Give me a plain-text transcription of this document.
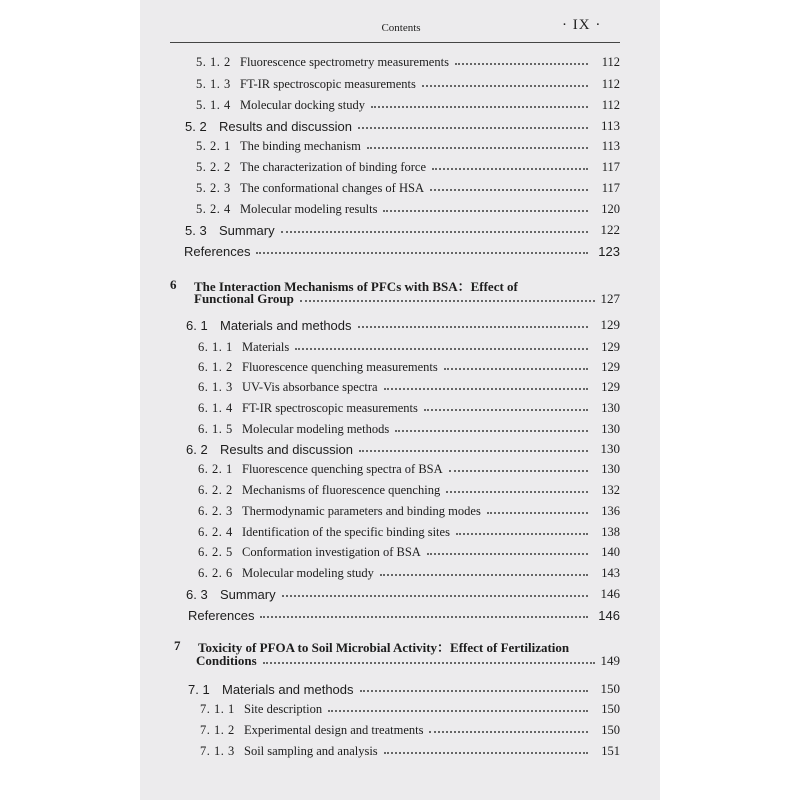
Contents	· IX ·
5. 1. 2 Fluorescence spectrometry measurements	112
5. 1. 3 FT-IR spectroscopic measurements	112
5. 1. 4 Molecular docking study	112
5. 2 Results and discussion	113
5. 2. 1 The binding mechanism	113
5. 2. 2 The characterization of binding force	117
5. 2. 3 The conformational changes of HSA	117
5. 2. 4 Molecular modeling results	120
5. 3 Summary	122
References	123
6	The Interaction Mechanisms of PFCs with BSA：Effect of
Functional Group	127
6. 1 Materials and methods	129
6. 1. 1 Materials	129
6. 1. 2 Fluorescence quenching measurements	129
6. 1. 3 UV-Vis absorbance spectra	129
6. 1. 4 FT-IR spectroscopic measurements	130
6. 1. 5 Molecular modeling methods	130
6. 2 Results and discussion	130
6. 2. 1 Fluorescence quenching spectra of BSA	130
6. 2. 2 Mechanisms of fluorescence quenching	132
6. 2. 3 Thermodynamic parameters and binding modes	136
6. 2. 4 Identification of the specific binding sites	138
6. 2. 5 Conformation investigation of BSA	140
6. 2. 6 Molecular modeling study	143
6. 3 Summary	146
References	146
7	Toxicity of PFOA to Soil Microbial Activity：Effect of Fertilization
Conditions	149
7. 1 Materials and methods	150
7. 1. 1 Site description	150
7. 1. 2 Experimental design and treatments	150
7. 1. 3 Soil sampling and analysis	151
